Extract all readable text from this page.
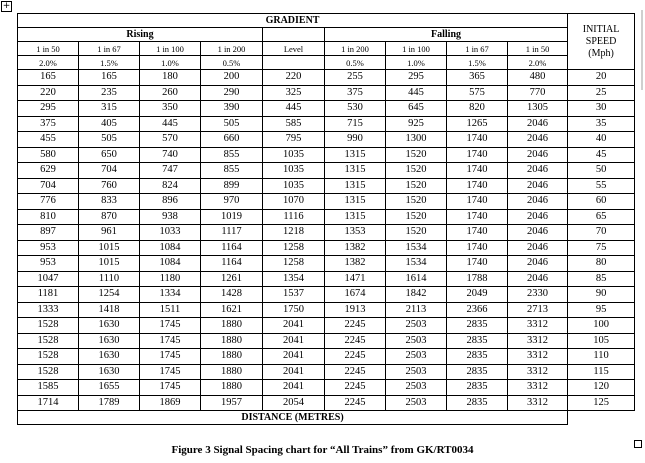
+
GRADIENT									INITIAL
SPEED
(Mph)
Rising					Falling				
1 in 50	1 in 67	1 in 100	1 in 200	Level	1 in 200	1 in 100	1 in 67	1 in 50	
2.0%	1.5%	1.0%	0.5%		0.5%	1.0%	1.5%	2.0%	
165	165	180	200	220	255	295	365	480	20
220	235	260	290	325	375	445	575	770	25
295	315	350	390	445	530	645	820	1305	30
375	405	445	505	585	715	925	1265	2046	35
455	505	570	660	795	990	1300	1740	2046	40
580	650	740	855	1035	1315	1520	1740	2046	45
629	704	747	855	1035	1315	1520	1740	2046	50
704	760	824	899	1035	1315	1520	1740	2046	55
776	833	896	970	1070	1315	1520	1740	2046	60
810	870	938	1019	1116	1315	1520	1740	2046	65
897	961	1033	1117	1218	1353	1520	1740	2046	70
953	1015	1084	1164	1258	1382	1534	1740	2046	75
953	1015	1084	1164	1258	1382	1534	1740	2046	80
1047	1110	1180	1261	1354	1471	1614	1788	2046	85
1181	1254	1334	1428	1537	1674	1842	2049	2330	90
1333	1418	1511	1621	1750	1913	2113	2366	2713	95
1528	1630	1745	1880	2041	2245	2503	2835	3312	100
1528	1630	1745	1880	2041	2245	2503	2835	3312	105
1528	1630	1745	1880	2041	2245	2503	2835	3312	110
1528	1630	1745	1880	2041	2245	2503	2835	3312	115
1585	1655	1745	1880	2041	2245	2503	2835	3312	120
1714	1789	1869	1957	2054	2245	2503	2835	3312	125
DISTANCE (METRES)									
Figure 3 Signal Spacing chart for “All Trains” from GK/RT0034
